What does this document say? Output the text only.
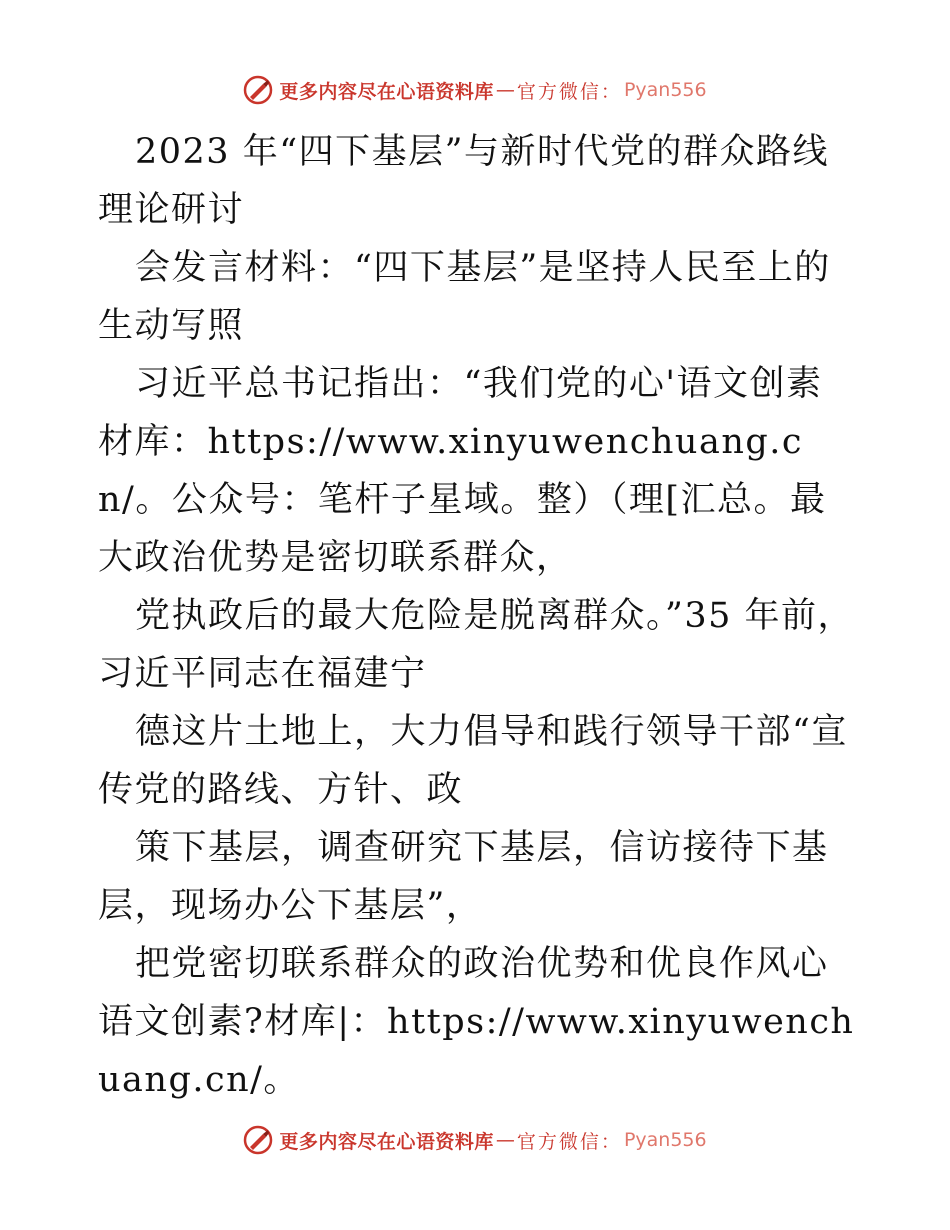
更多内容尽在心语资料库 — 官方微信： Pyan556

2023 年“四下基层”与新时代党的群众路线理论研讨

会发言材料：“四下基层”是坚持人民至上的生动写照

习近平总书记指出：“我们党的心'语文创素材库：https://www.xinyuwenchuang.cn/。公众号：笔杆子星域。整）（理[汇总。最大政治优势是密切联系群众，

党执政后的最大危险是脱离群众。”35 年前，习近平同志在福建宁

德这片土地上，大力倡导和践行领导干部“宣传党的路线、方针、政

策下基层，调查研究下基层，信访接待下基层，现场办公下基层”，

把党密切联系群众的政治优势和优良作风心语文创素?材库|：https://www.xinyuwenchuang.cn/。

更多内容尽在心语资料库 — 官方微信： Pyan556
